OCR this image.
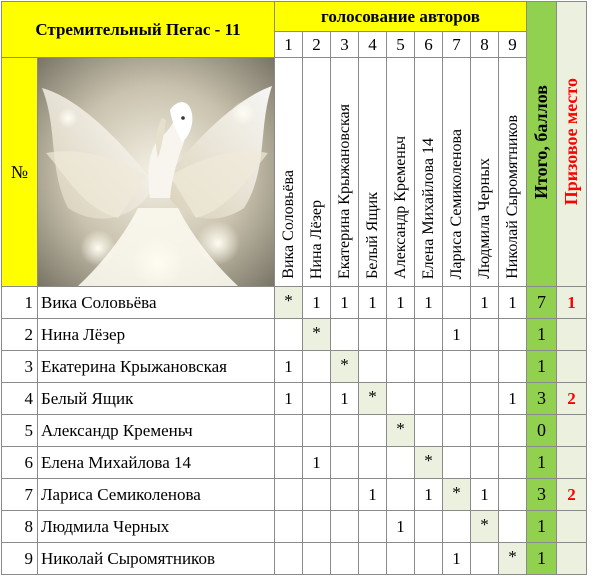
Стремительный Пегас - 11		голосование авторов									Итого, баллов	Призовое место
		1	2	3	4	5	6	7	8	9		
№		Вика Соловьёва	Нина Лёзер	Екатерина Крыжановская	Белый Ящик	Александр Кременьч	Елена Михайлова 14	Лариса Семиколенова	Людмила Черных	Николай Сыромятников		

1	Вика Соловьёва	*	1	1	1	1	1		1	1	7	1
2	Нина Лёзер		*					1			1	
3	Екатерина Крыжановская	1		*							1	
4	Белый Ящик	1		1	*					1	3	2
5	Александр Кременьч					*					0	
6	Елена Михайлова 14		1				*				1	
7	Лариса Семиколенова				1		1	*	1		3	2
8	Людмила Черных					1			*		1	
9	Николай Сыромятников							1		*	1	
